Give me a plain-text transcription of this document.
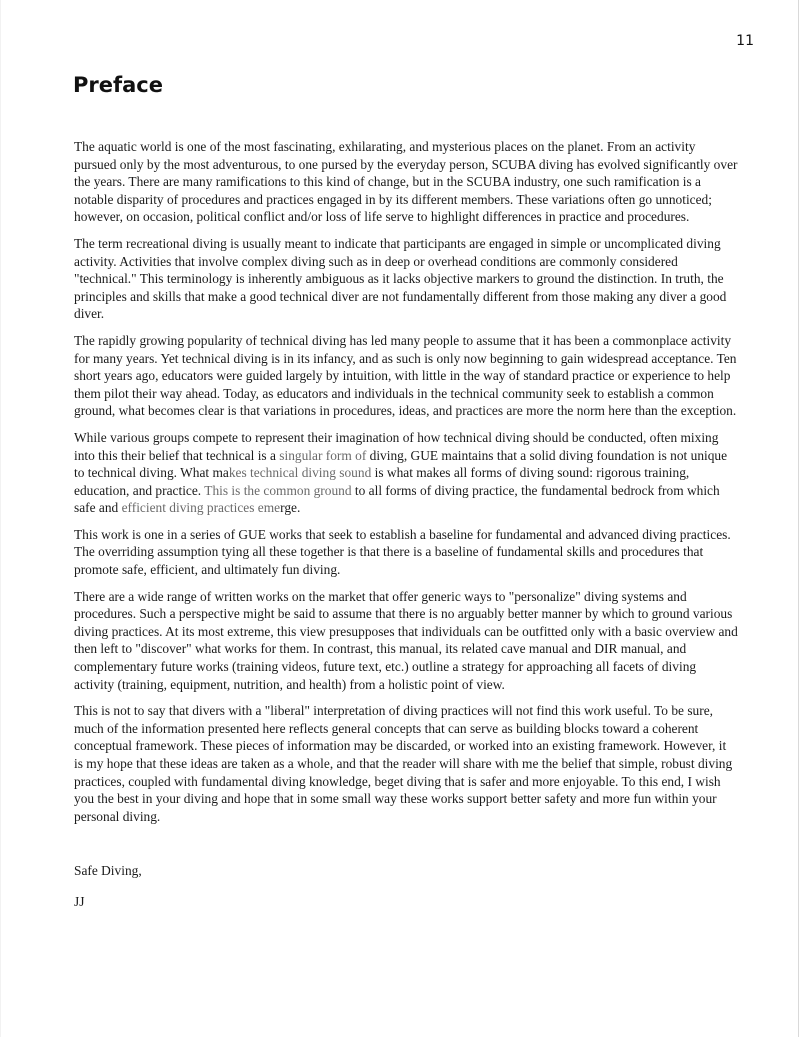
11
Preface

The aquatic world is one of the most fascinating, exhilarating, and mysterious places on the planet. From an activity pursued only by the most adventurous, to one pursed by the everyday person, SCUBA diving has evolved significantly over the years. There are many ramifications to this kind of change, but in the SCUBA industry, one such ramification is a notable disparity of procedures and practices engaged in by its different members. These variations often go unnoticed; however, on occasion, political conflict and/or loss of life serve to highlight differences in practice and procedures.

The term recreational diving is usually meant to indicate that participants are engaged in simple or uncomplicated diving activity. Activities that involve complex diving such as in deep or overhead conditions are commonly considered "technical." This terminology is inherently ambiguous as it lacks objective markers to ground the distinction. In truth, the principles and skills that make a good technical diver are not fundamentally different from those making any diver a good diver.

The rapidly growing popularity of technical diving has led many people to assume that it has been a commonplace activity for many years. Yet technical diving is in its infancy, and as such is only now beginning to gain widespread acceptance. Ten short years ago, educators were guided largely by intuition, with little in the way of standard practice or experience to help them pilot their way ahead. Today, as educators and individuals in the technical community seek to establish a common ground, what becomes clear is that variations in procedures, ideas, and practices are more the norm here than the exception.

While various groups compete to represent their imagination of how technical diving should be conducted, often mixing into this their belief that technical is a singular form of diving, GUE maintains that a solid diving foundation is not unique to technical diving. What makes technical diving sound is what makes all forms of diving sound: rigorous training, education, and practice. This is the common ground to all forms of diving practice, the fundamental bedrock from which safe and efficient diving practices emerge.

This work is one in a series of GUE works that seek to establish a baseline for fundamental and advanced diving practices. The overriding assumption tying all these together is that there is a baseline of fundamental skills and procedures that promote safe, efficient, and ultimately fun diving.

There are a wide range of written works on the market that offer generic ways to "personalize" diving systems and procedures. Such a perspective might be said to assume that there is no arguably better manner by which to ground various diving practices. At its most extreme, this view presupposes that individuals can be outfitted only with a basic overview and then left to "discover" what works for them. In contrast, this manual, its related cave manual and DIR manual, and complementary future works (training videos, future text, etc.) outline a strategy for approaching all facets of diving activity (training, equipment, nutrition, and health) from a holistic point of view.

This is not to say that divers with a "liberal" interpretation of diving practices will not find this work useful. To be sure, much of the information presented here reflects general concepts that can serve as building blocks toward a coherent conceptual framework. These pieces of information may be discarded, or worked into an existing framework. However, it is my hope that these ideas are taken as a whole, and that the reader will share with me the belief that simple, robust diving practices, coupled with fundamental diving knowledge, beget diving that is safer and more enjoyable. To this end, I wish you the best in your diving and hope that in some small way these works support better safety and more fun within your personal diving.

Safe Diving,

JJ
